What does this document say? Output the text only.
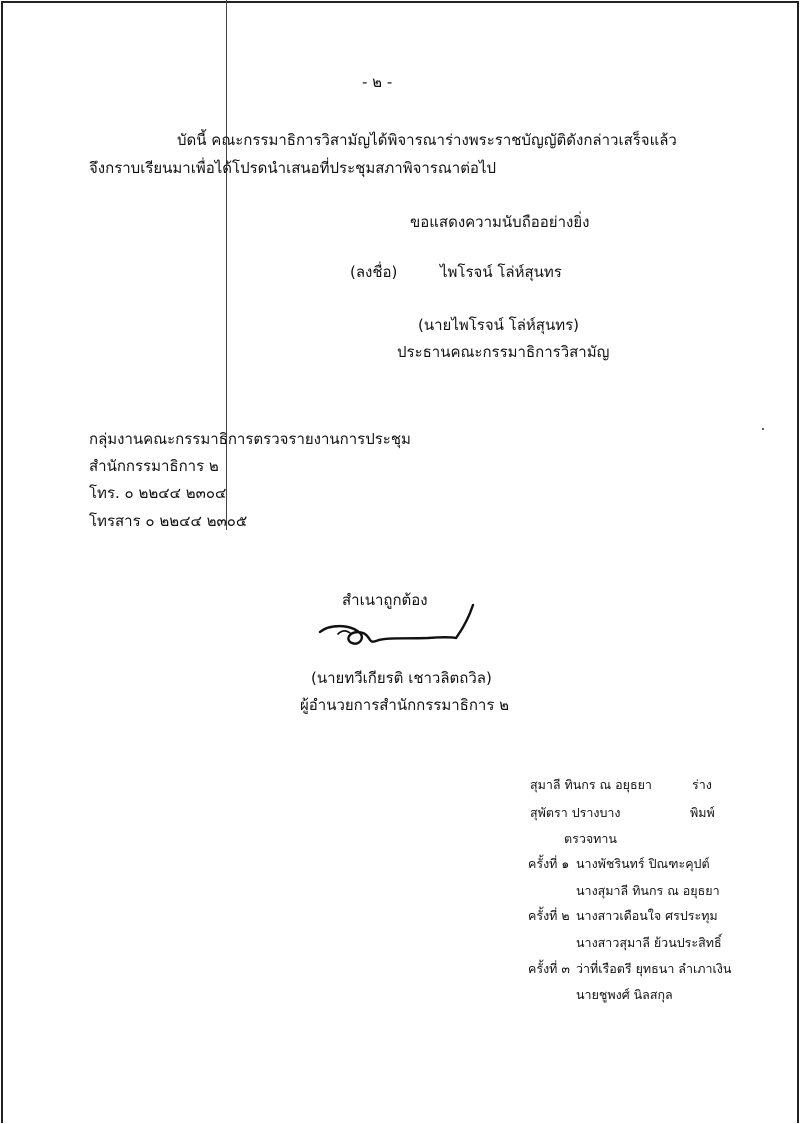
- ๒ -
บัดนี้ คณะกรรมาธิการวิสามัญได้พิจารณาร่างพระราชบัญญัติดังกล่าวเสร็จแล้ว
จึงกราบเรียนมาเพื่อได้โปรดนำเสนอที่ประชุมสภาพิจารณาต่อไป
ขอแสดงความนับถืออย่างยิ่ง
(ลงชื่อ)	ไพโรจน์ โล่ห์สุนทร
(นายไพโรจน์ โล่ห์สุนทร)
ประธานคณะกรรมาธิการวิสามัญ
กลุ่มงานคณะกรรมาธิการตรวจรายงานการประชุม
สำนักกรรมาธิการ ๒
โทร. ๐ ๒๒๔๔ ๒๓๐๔
โทรสาร ๐ ๒๒๔๔ ๒๓๐๕
สำเนาถูกต้อง
(นายทวีเกียรติ เชาวลิตถวิล)
ผู้อำนวยการสำนักกรรมาธิการ ๒
สุมาลี ทินกร ณ อยุธยา	ร่าง
สุพัตรา ปรางบาง	พิมพ์
ตรวจทาน
ครั้งที่ ๑ นางพัชรินทร์ ปิณฑะคุปต์
นางสุมาลี ทินกร ณ อยุธยา
ครั้งที่ ๒ นางสาวเดือนใจ ศรประทุม
นางสาวสุมาลี ย้วนประสิทธิ์
ครั้งที่ ๓ ว่าที่เรือตรี ยุทธนา ลำเภาเงิน
นายชูพงศ์ นิลสกุล
